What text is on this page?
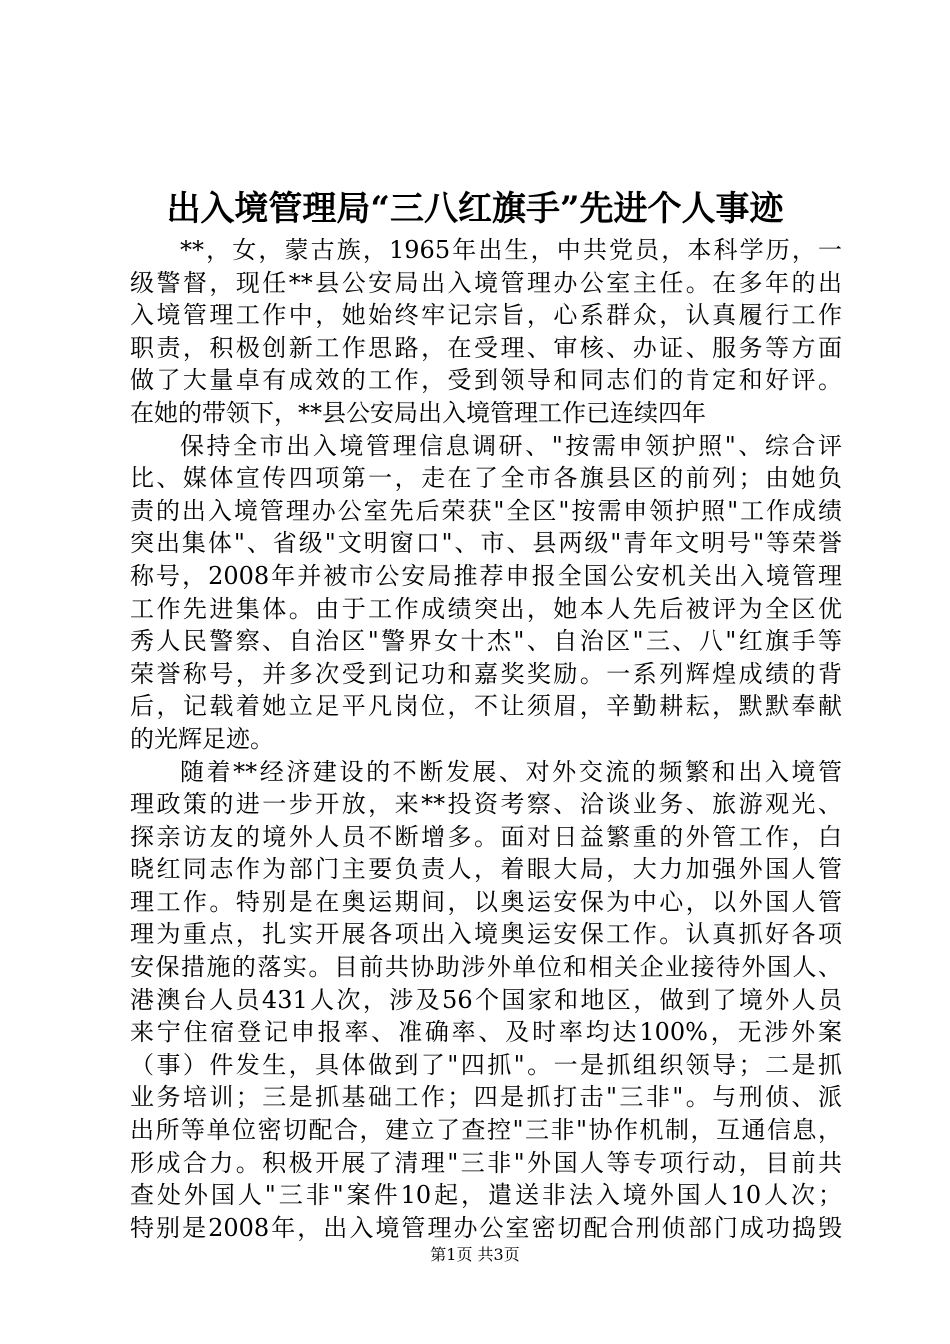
出入境管理局“三八红旗手”先进个人事迹
**，女，蒙古族，1965年出生，中共党员，本科学历，一
级警督，现任**县公安局出入境管理办公室主任。在多年的出
入境管理工作中，她始终牢记宗旨，心系群众，认真履行工作
职责，积极创新工作思路，在受理、审核、办证、服务等方面
做了大量卓有成效的工作，受到领导和同志们的肯定和好评。
在她的带领下，**县公安局出入境管理工作已连续四年
保持全市出入境管理信息调研、"按需申领护照"、综合评
比、媒体宣传四项第一，走在了全市各旗县区的前列；由她负
责的出入境管理办公室先后荣获"全区"按需申领护照"工作成绩
突出集体"、省级"文明窗口"、市、县两级"青年文明号"等荣誉
称号，2008年并被市公安局推荐申报全国公安机关出入境管理
工作先进集体。由于工作成绩突出，她本人先后被评为全区优
秀人民警察、自治区"警界女十杰"、自治区"三、八"红旗手等
荣誉称号，并多次受到记功和嘉奖奖励。一系列辉煌成绩的背
后，记载着她立足平凡岗位，不让须眉，辛勤耕耘，默默奉献
的光辉足迹。
随着**经济建设的不断发展、对外交流的频繁和出入境管
理政策的进一步开放，来**投资考察、洽谈业务、旅游观光、
探亲访友的境外人员不断增多。面对日益繁重的外管工作，白
晓红同志作为部门主要负责人，着眼大局，大力加强外国人管
理工作。特别是在奥运期间，以奥运安保为中心，以外国人管
理为重点，扎实开展各项出入境奥运安保工作。认真抓好各项
安保措施的落实。目前共协助涉外单位和相关企业接待外国人、
港澳台人员431人次，涉及56个国家和地区，做到了境外人员
来宁住宿登记申报率、准确率、及时率均达100%，无涉外案
（事）件发生，具体做到了"四抓"。一是抓组织领导；二是抓
业务培训；三是抓基础工作；四是抓打击"三非"。与刑侦、派
出所等单位密切配合，建立了查控"三非"协作机制，互通信息，
形成合力。积极开展了清理"三非"外国人等专项行动，目前共
查处外国人"三非"案件10起，遣送非法入境外国人10人次；
特别是2008年，出入境管理办公室密切配合刑侦部门成功捣毁
第1页 共3页
